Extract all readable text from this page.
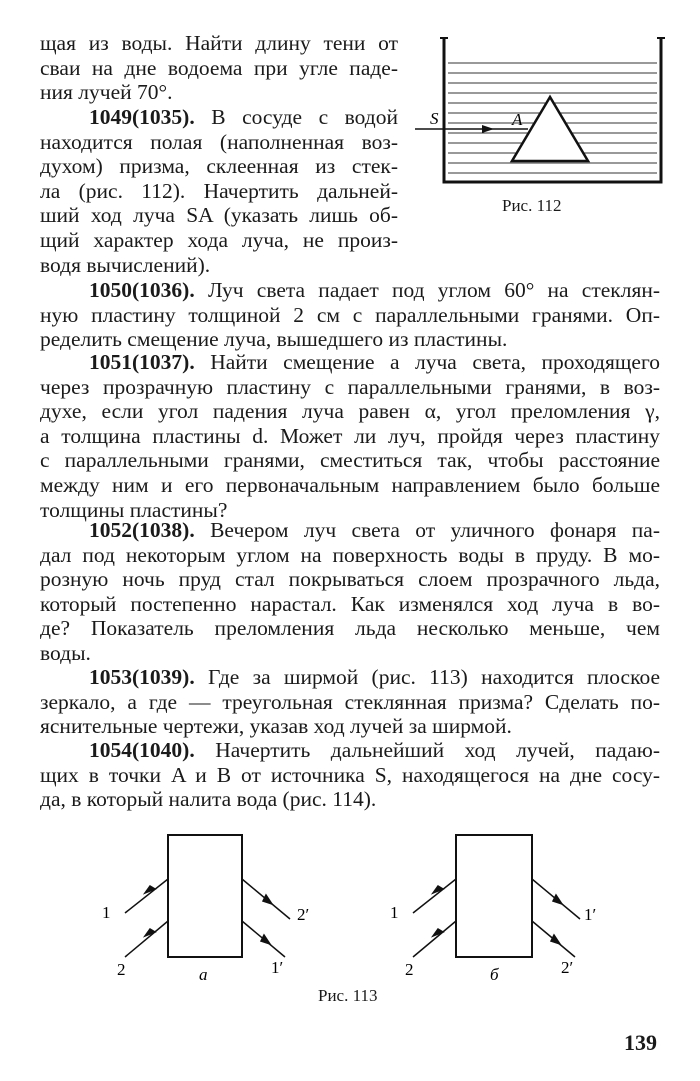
щая из воды. Найти длину тени от
сваи на дне водоема при угле паде-
ния лучей 70°.
1049(1035). В сосуде с водой
находится полая (наполненная воз-
духом) призма, склеенная из стек-
ла (рис. 112). Начертить дальней-
ший ход луча SA (указать лишь об-
щий характер хода луча, не произ-
водя вычислений).
S	A
Рис. 112
1050(1036). Луч света падает под углом 60° на стеклян-
ную пластину толщиной 2 см с параллельными гранями. Оп-
ределить смещение луча, вышедшего из пластины.
1051(1037). Найти смещение a луча света, проходящего
через прозрачную пластину с параллельными гранями, в воз-
духе, если угол падения луча равен α, угол преломления γ,
а толщина пластины d. Может ли луч, пройдя через пластину
с параллельными гранями, сместиться так, чтобы расстояние
между ним и его первоначальным направлением было больше
толщины пластины?
1052(1038). Вечером луч света от уличного фонаря па-
дал под некоторым углом на поверхность воды в пруду. В мо-
розную ночь пруд стал покрываться слоем прозрачного льда,
который постепенно нарастал. Как изменялся ход луча в во-
де? Показатель преломления льда несколько меньше, чем
воды.
1053(1039). Где за ширмой (рис. 113) находится плоское
зеркало, а где — треугольная стеклянная призма? Сделать по-
яснительные чертежи, указав ход лучей за ширмой.
1054(1040). Начертить дальнейший ход лучей, падаю-
щих в точки A и B от источника S, находящегося на дне сосу-
да, в который налита вода (рис. 114).
1
2
2′
1′
а
1
2
1′
2′
б
Рис. 113
139
